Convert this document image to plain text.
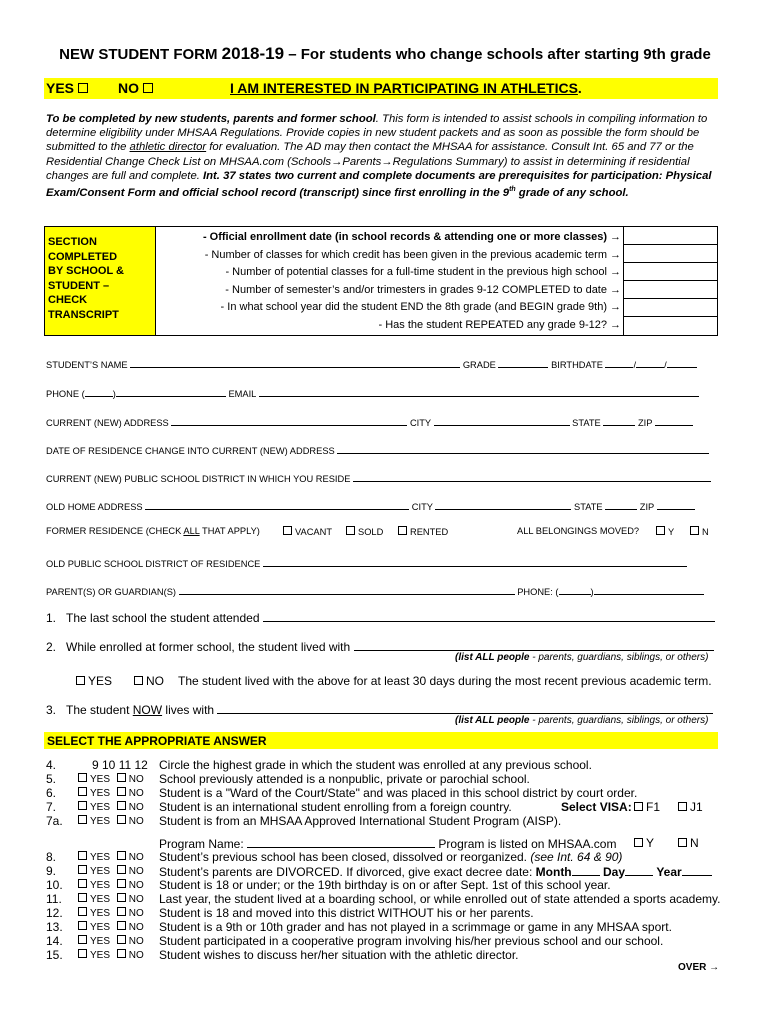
NEW STUDENT FORM 2018-19 – For students who change schools after starting 9th grade
YES	NO	I AM INTERESTED IN PARTICIPATING IN ATHLETICS.
To be completed by new students, parents and former school. This form is intended to assist schools in compiling information to determine eligibility under MHSAA Regulations. Provide copies in new student packets and as soon as possible the form should be submitted to the athletic director for evaluation. The AD may then contact the MHSAA for assistance. Consult Int. 65 and 77 or the Residential Change Check List on MHSAA.com (Schools→Parents→Regulations Summary) to assist in determining if residential changes are full and complete. Int. 37 states two current and complete documents are prerequisites for participation: Physical Exam/Consent Form and official school record (transcript) since first enrolling in the 9th grade of any school.
SECTION
COMPLETED
BY SCHOOL &
STUDENT –
CHECK
TRANSCRIPT

- Official enrollment date (in school records & attending one or more classes) →
- Number of classes for which credit has been given in the previous academic term →
- Number of potential classes for a full-time student in the previous high school →
- Number of semester’s and/or trimesters in grades 9-12 COMPLETED to date →
- In what school year did the student END the 8th grade (and BEGIN grade 9th) →
- Has the student REPEATED any grade 9-12? →

STUDENT’S NAME	GRADE	BIRTHDATE	/	/
PHONE (	)	EMAIL
CURRENT (NEW) ADDRESS	CITY	STATE	ZIP
DATE OF RESIDENCE CHANGE INTO CURRENT (NEW) ADDRESS
CURRENT (NEW) PUBLIC SCHOOL DISTRICT IN WHICH YOU RESIDE
OLD HOME ADDRESS	CITY	STATE	ZIP
FORMER RESIDENCE (CHECK ALL THAT APPLY)	VACANT	SOLD	RENTED	ALL BELONGINGS MOVED?	Y	N
OLD PUBLIC SCHOOL DISTRICT OF RESIDENCE
PARENT(S) OR GUARDIAN(S)	PHONE: (	)
1. The last school the student attended
2. While enrolled at former school, the student lived with
(list ALL people - parents, guardians, siblings, or others)
YES	NO The student lived with the above for at least 30 days during the most recent previous academic term.
3. The student NOW lives with
(list ALL people - parents, guardians, siblings, or others)
SELECT THE APPROPRIATE ANSWER
4.	9 10 11 12 Circle the highest grade in which the student was enrolled at any previous school.
5.	YES NO School previously attended is a nonpublic, private or parochial school.
6.	YES NO Student is a "Ward of the Court/State" and was placed in this school district by court order.
7.	YES NO Student is an international student enrolling from a foreign country.	Select VISA:	F1	J1
7a.	YES NO Student is from an MHSAA Approved International Student Program (AISP).
Program Name:	Program is listed on MHSAA.com	Y	N
8.	YES NO Student’s previous school has been closed, dissolved or reorganized. (see Int. 64 & 90)
9.	YES NO Student’s parents are DIVORCED. If divorced, give exact decree date: Month	Day	Year
10.	YES NO Student is 18 or under; or the 19th birthday is on or after Sept. 1st of this school year.
11.	YES NO Last year, the student lived at a boarding school, or while enrolled out of state attended a sports academy.
12.	YES NO Student is 18 and moved into this district WITHOUT his or her parents.
13.	YES NO Student is a 9th or 10th grader and has not played in a scrimmage or game in any MHSAA sport.
14.	YES NO Student participated in a cooperative program involving his/her previous school and our school.
15.	YES NO Student wishes to discuss her/her situation with the athletic director.
OVER →
